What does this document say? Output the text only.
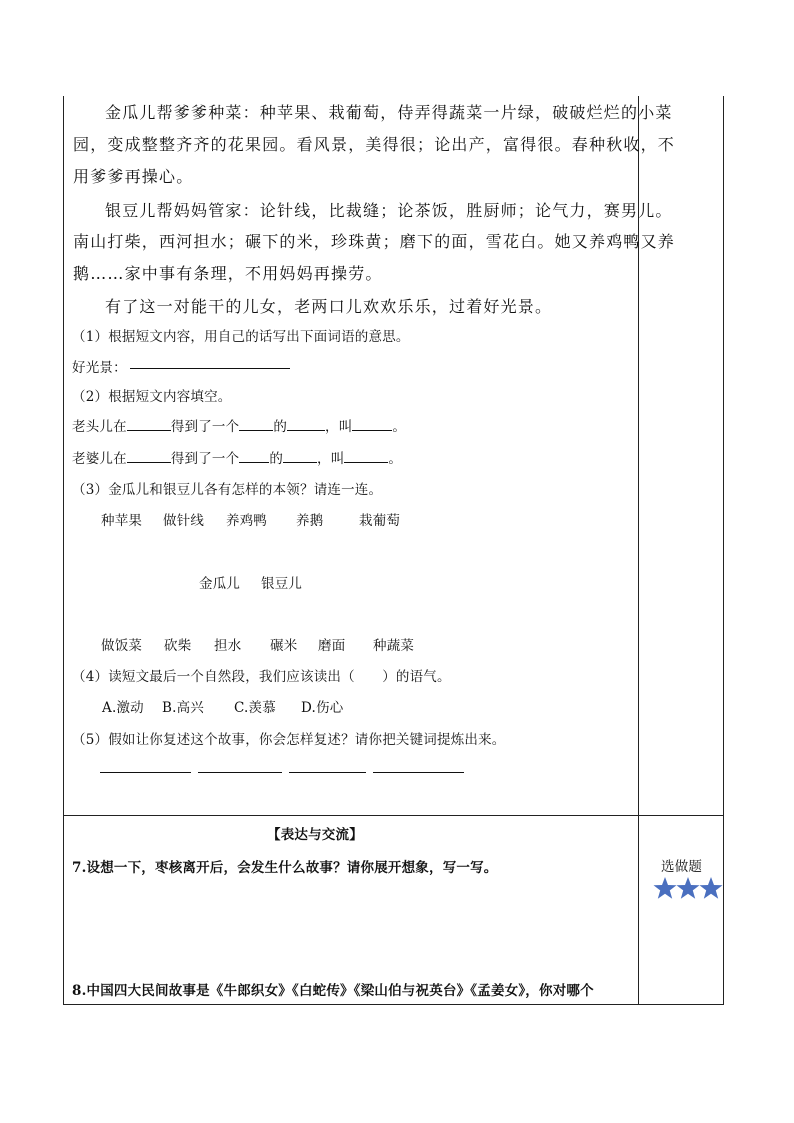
金瓜儿帮爹爹种菜：种苹果、栽葡萄，侍弄得蔬菜一片绿，破破烂烂的小菜
园，变成整整齐齐的花果园。看风景，美得很；论出产，富得很。春种秋收，不
用爹爹再操心。
银豆儿帮妈妈管家：论针线，比裁缝；论茶饭，胜厨师；论气力，赛男儿。
南山打柴，西河担水；碾下的米，珍珠黄；磨下的面，雪花白。她又养鸡鸭又养
鹅……家中事有条理，不用妈妈再操劳。
有了这一对能干的儿女，老两口儿欢欢乐乐，过着好光景。
（1）根据短文内容，用自己的话写出下面词语的意思。
好光景：
（2）根据短文内容填空。
老头儿在	得到了一个	的	，叫	。
老婆儿在	得到了一个 的	，叫	。
（3）金瓜儿和银豆儿各有怎样的本领？请连一连。
种苹果 做针线 养鸡鸭 养鹅	栽葡萄
金瓜儿 银豆儿
做饭菜 砍柴 担水 碾米 磨面 种蔬菜
（4）读短文最后一个自然段，我们应该读出（　　）的语气。
A.激动 B.高兴 C.羡慕 D.伤心
（5）假如让你复述这个故事，你会怎样复述？请你把关键词提炼出来。
【表达与交流】
7.设想一下，枣核离开后，会发生什么故事？请你展开想象，写一写。
8.中国四大民间故事是《牛郎织女》《白蛇传》《梁山伯与祝英台》《孟姜女》，你对哪个
选做题
